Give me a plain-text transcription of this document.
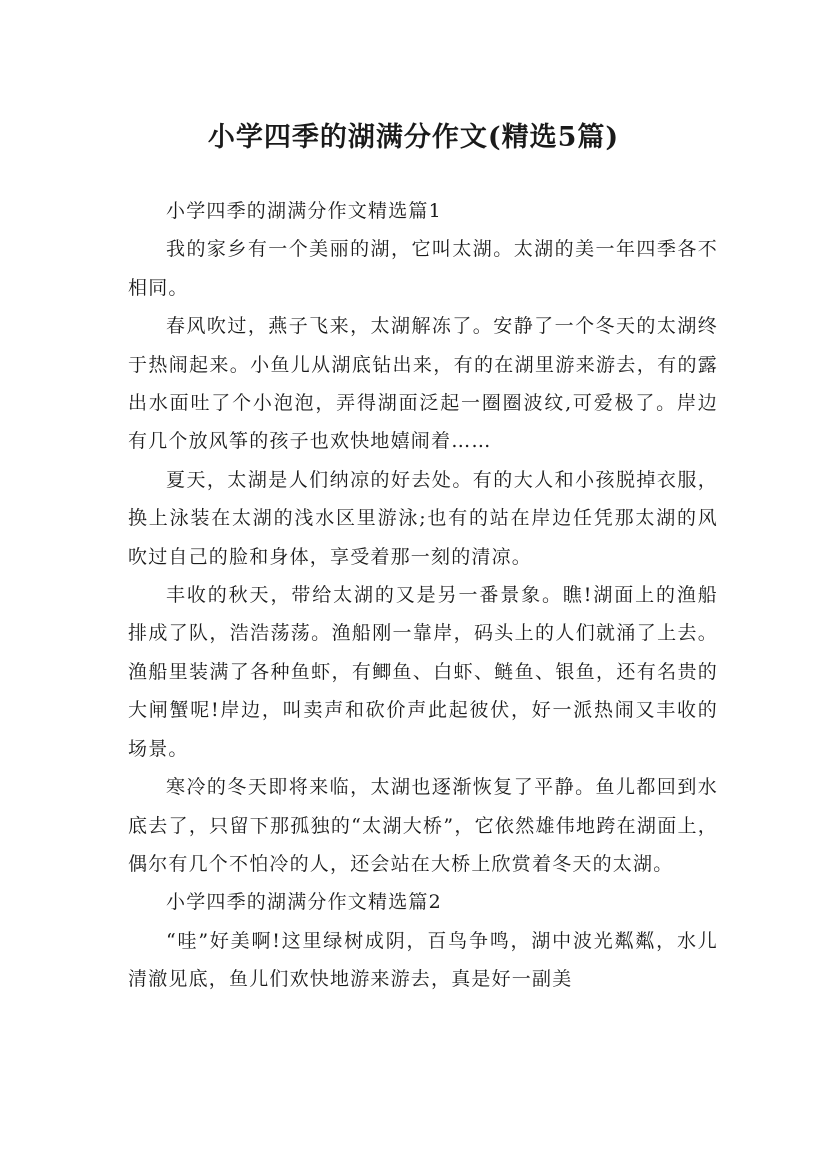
小学四季的湖满分作文(精选5篇)

小学四季的湖满分作文精选篇1

我的家乡有一个美丽的湖，它叫太湖。太湖的美一年四季各不相同。

春风吹过，燕子飞来，太湖解冻了。安静了一个冬天的太湖终于热闹起来。小鱼儿从湖底钻出来，有的在湖里游来游去，有的露出水面吐了个小泡泡，弄得湖面泛起一圈圈波纹,可爱极了。岸边有几个放风筝的孩子也欢快地嬉闹着……

夏天，太湖是人们纳凉的好去处。有的大人和小孩脱掉衣服，换上泳装在太湖的浅水区里游泳;也有的站在岸边任凭那太湖的风吹过自己的脸和身体，享受着那一刻的清凉。

丰收的秋天，带给太湖的又是另一番景象。瞧!湖面上的渔船排成了队，浩浩荡荡。渔船刚一靠岸，码头上的人们就涌了上去。渔船里装满了各种鱼虾，有鲫鱼、白虾、鲢鱼、银鱼，还有名贵的大闸蟹呢!岸边，叫卖声和砍价声此起彼伏，好一派热闹又丰收的场景。

寒冷的冬天即将来临，太湖也逐渐恢复了平静。鱼儿都回到水底去了，只留下那孤独的“太湖大桥”，它依然雄伟地跨在湖面上，偶尔有几个不怕冷的人，还会站在大桥上欣赏着冬天的太湖。

小学四季的湖满分作文精选篇2

“哇”好美啊!这里绿树成阴，百鸟争鸣，湖中波光粼粼，水儿清澈见底，鱼儿们欢快地游来游去，真是好一副美
